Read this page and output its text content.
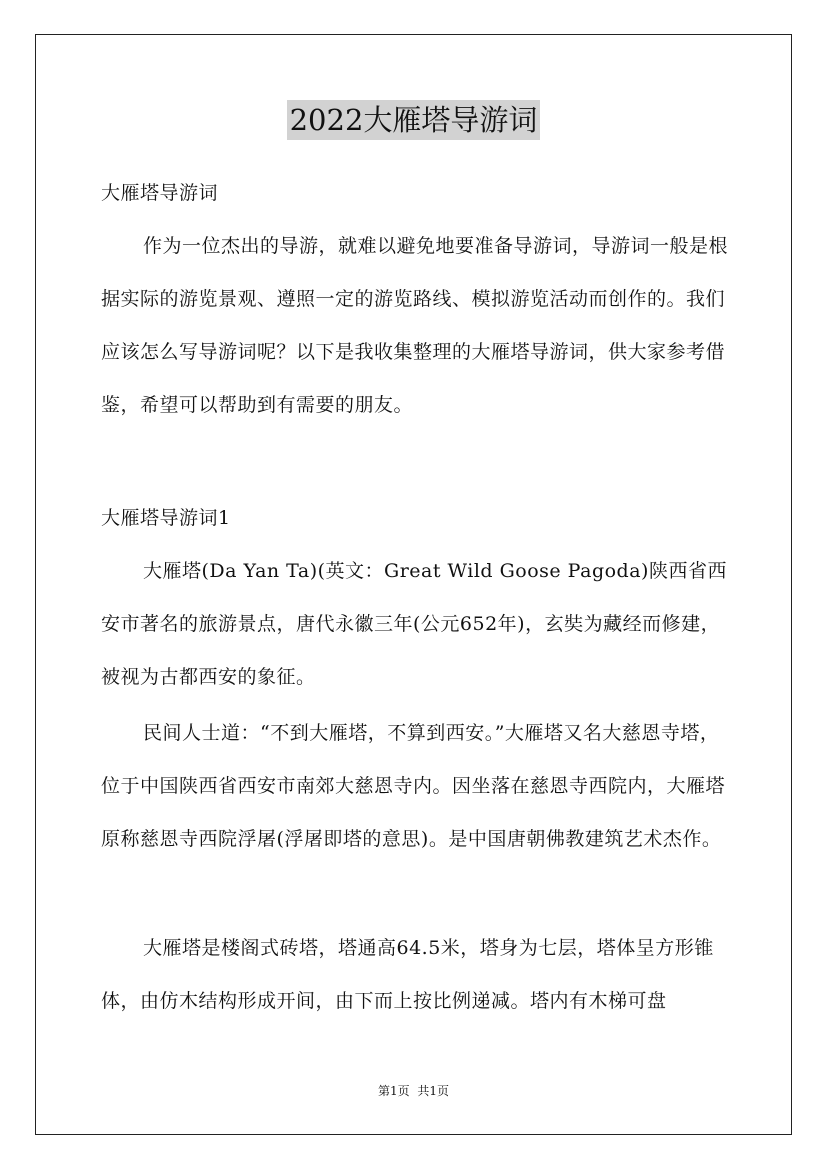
2022大雁塔导游词
大雁塔导游词
作为一位杰出的导游，就难以避免地要准备导游词，导游词一般是根据实际的游览景观、遵照一定的游览路线、模拟游览活动而创作的。我们应该怎么写导游词呢？以下是我收集整理的大雁塔导游词，供大家参考借鉴，希望可以帮助到有需要的朋友。
大雁塔导游词1
大雁塔(Da Yan Ta)(英文：Great Wild Goose Pagoda)陕西省西安市著名的旅游景点，唐代永徽三年(公元652年)，玄奘为藏经而修建，被视为古都西安的象征。
民间人士道：“不到大雁塔，不算到西安。”大雁塔又名大慈恩寺塔，位于中国陕西省西安市南郊大慈恩寺内。因坐落在慈恩寺西院内，大雁塔原称慈恩寺西院浮屠(浮屠即塔的意思)。是中国唐朝佛教建筑艺术杰作。
大雁塔是楼阁式砖塔，塔通高64.5米，塔身为七层，塔体呈方形锥体，由仿木结构形成开间，由下而上按比例递减。塔内有木梯可盘
第1页 共1页
